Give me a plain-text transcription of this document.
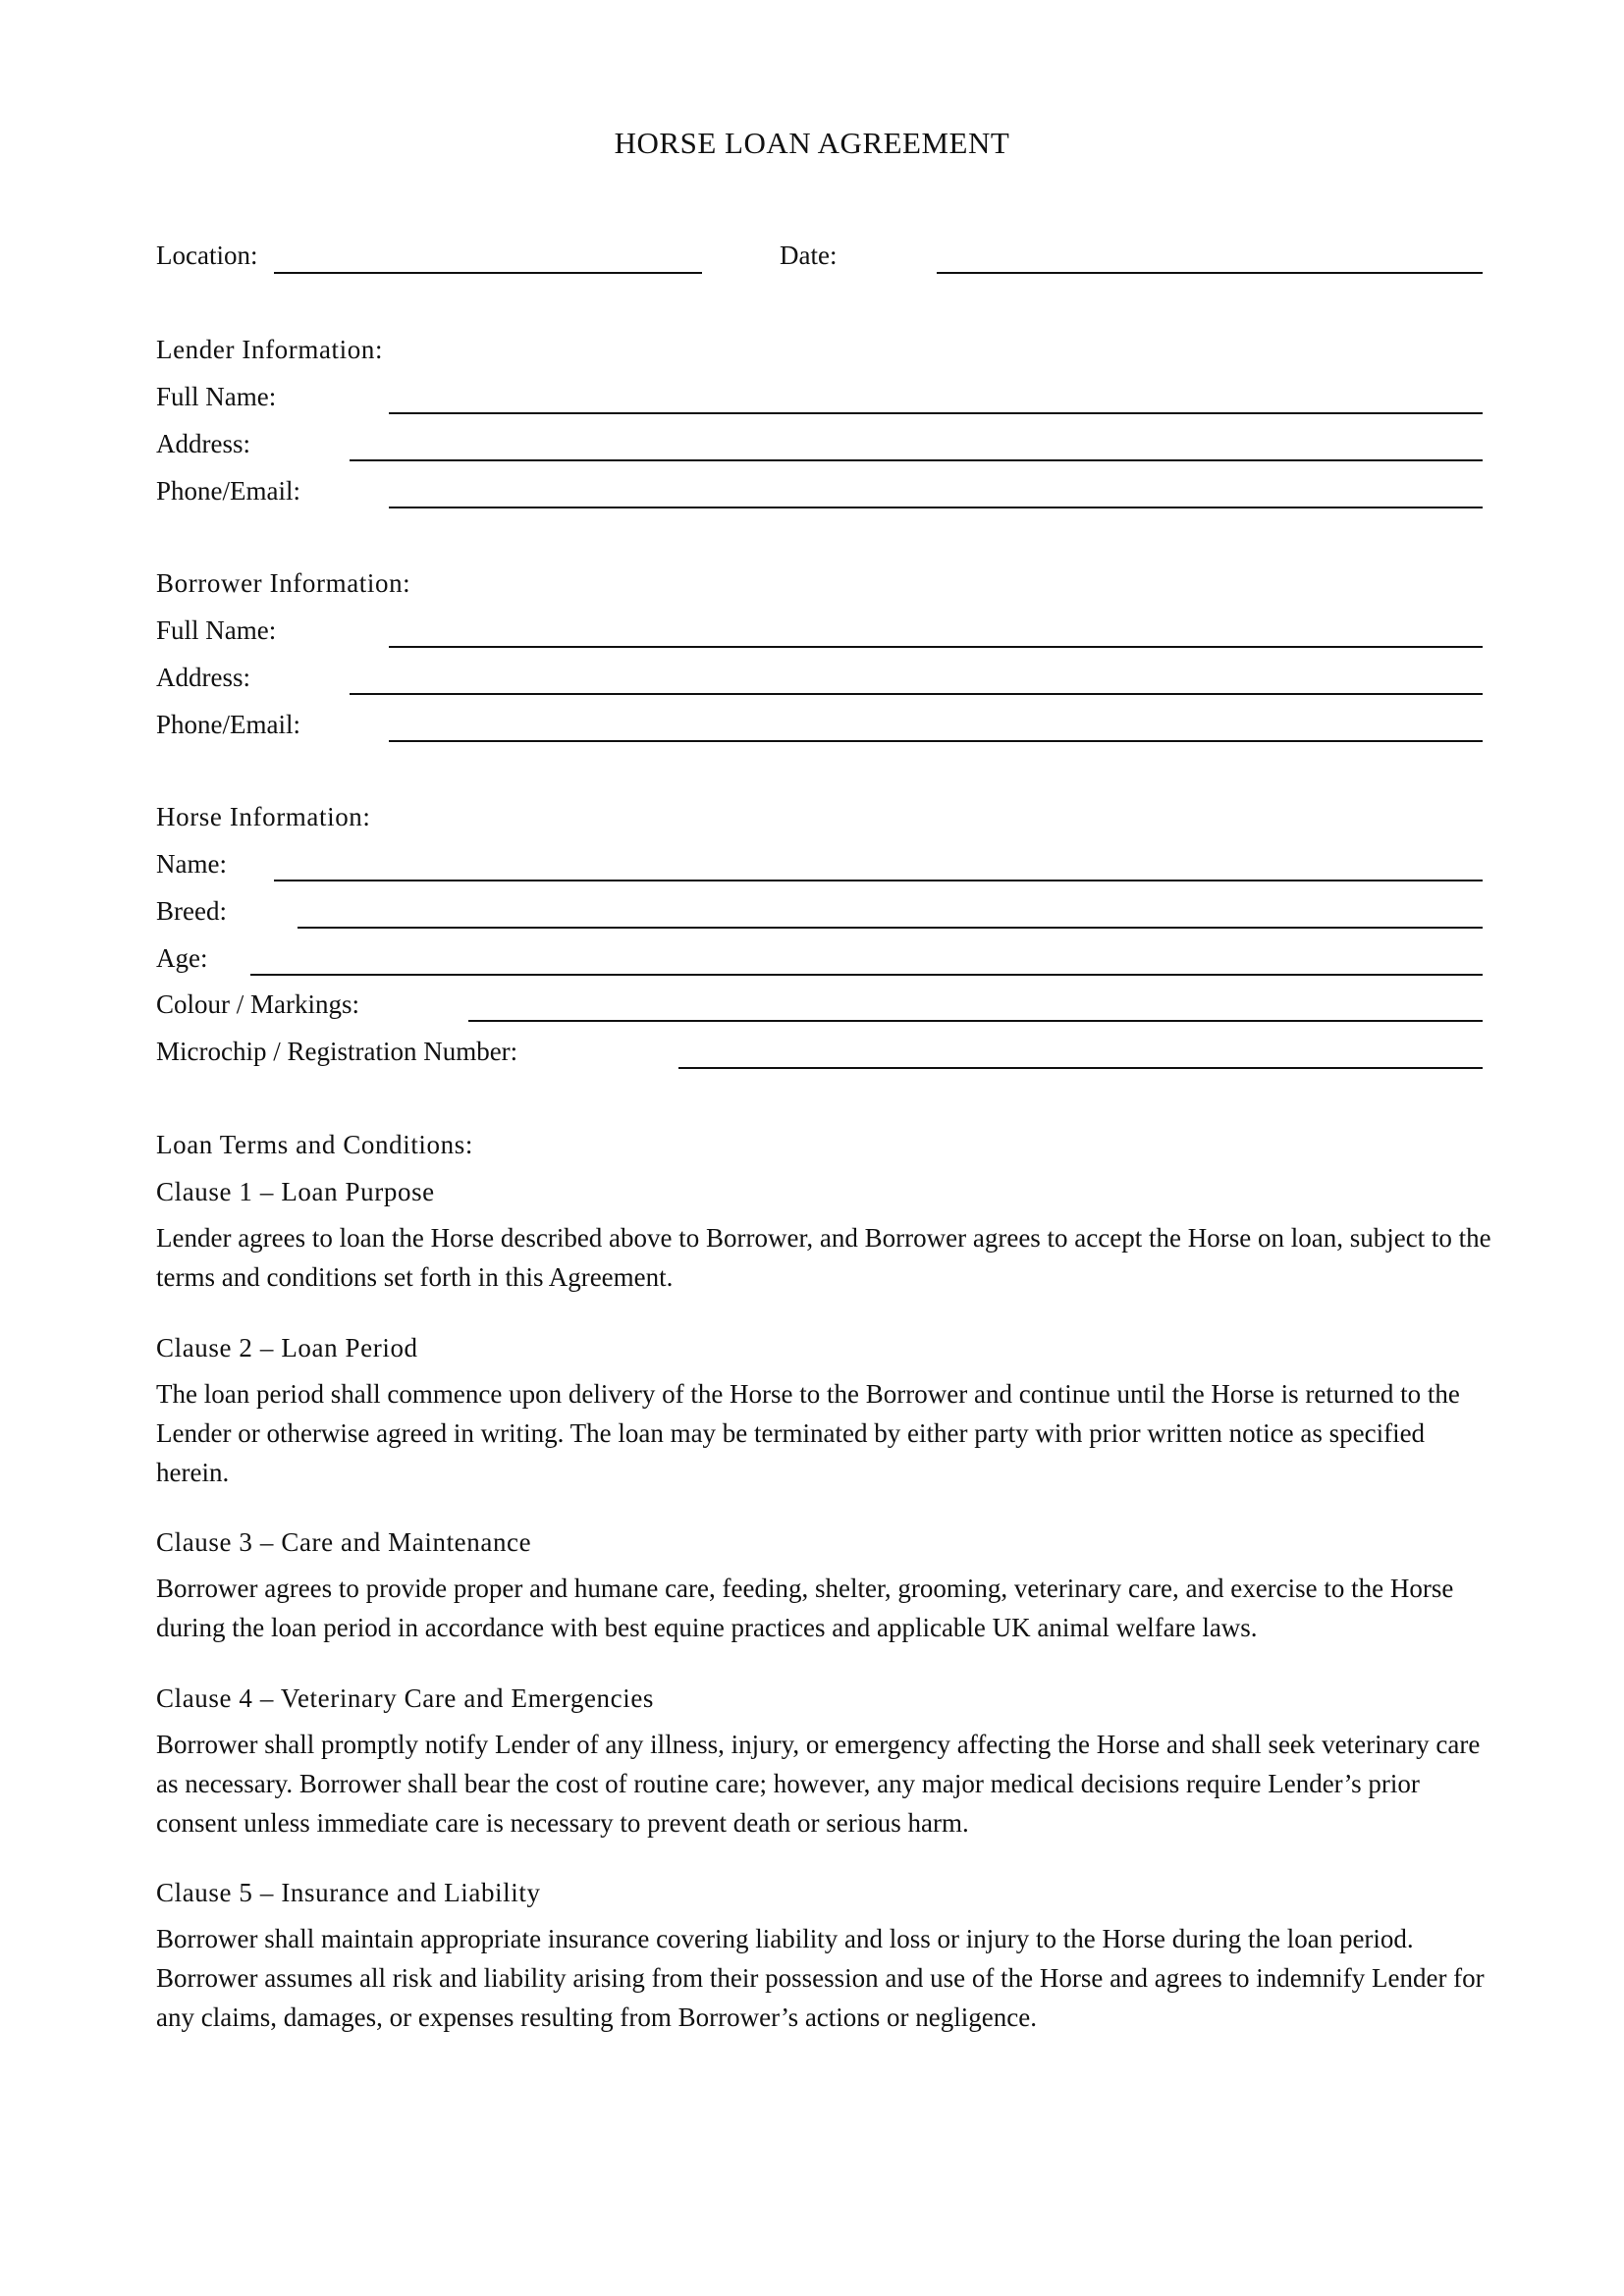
HORSE LOAN AGREEMENT
Location:	Date:
Lender Information:
Full Name:
Address:
Phone/Email:
Borrower Information:
Full Name:
Address:
Phone/Email:
Horse Information:
Name:
Breed:
Age:
Colour / Markings:
Microchip / Registration Number:
Loan Terms and Conditions:
Clause 1 – Loan Purpose
Lender agrees to loan the Horse described above to Borrower, and Borrower agrees to accept the Horse on loan, subject to the terms and conditions set forth in this Agreement.
Clause 2 – Loan Period
The loan period shall commence upon delivery of the Horse to the Borrower and continue until the Horse is returned to the Lender or otherwise agreed in writing. The loan may be terminated by either party with prior written notice as specified herein.
Clause 3 – Care and Maintenance
Borrower agrees to provide proper and humane care, feeding, shelter, grooming, veterinary care, and exercise to the Horse during the loan period in accordance with best equine practices and applicable UK animal welfare laws.
Clause 4 – Veterinary Care and Emergencies
Borrower shall promptly notify Lender of any illness, injury, or emergency affecting the Horse and shall seek veterinary care as necessary. Borrower shall bear the cost of routine care; however, any major medical decisions require Lender’s prior consent unless immediate care is necessary to prevent death or serious harm.
Clause 5 – Insurance and Liability
Borrower shall maintain appropriate insurance covering liability and loss or injury to the Horse during the loan period. Borrower assumes all risk and liability arising from their possession and use of the Horse and agrees to indemnify Lender for any claims, damages, or expenses resulting from Borrower’s actions or negligence.
